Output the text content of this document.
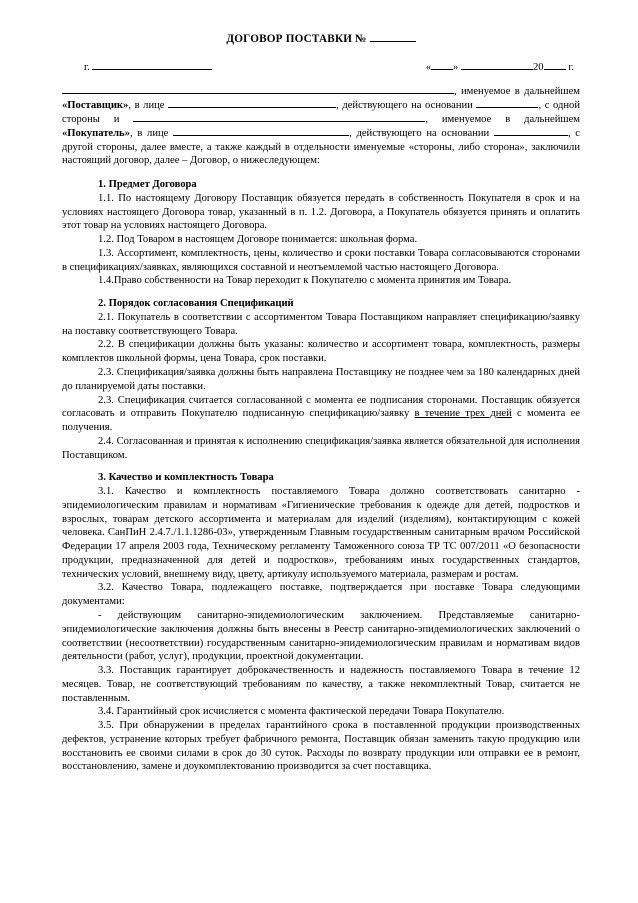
ДОГОВОР ПОСТАВКИ №
г.	« »	20 г.

, именуемое в дальнейшем «Поставщик», в лице	, действующего на основании	, с одной стороны и	, именуемое в дальнейшем «Покупатель», в лице	, действующего на основании	, с другой стороны, далее вместе, а также каждый в отдельности именуемые «стороны, либо сторона», заключили настоящий договор, далее – Договор, о нижеследующем:

1. Предмет Договора

1.1. По настоящему Договору Поставщик обязуется передать в собственность Покупателя в срок и на условиях настоящего Договора товар, указанный в п. 1.2. Договора, а Покупатель обязуется принять и оплатить этот товар на условиях настоящего Договора.

1.2. Под Товаром в настоящем Договоре понимается: школьная форма.

1.3. Ассортимент, комплектность, цены, количество и сроки поставки Товара согласовываются сторонами в спецификациях/заявках, являющихся составной и неотъемлемой частью настоящего Договора.

1.4.Право собственности на Товар переходит к Покупателю с момента принятия им Товара.

2. Порядок согласования Спецификаций

2.1. Покупатель в соответствии с ассортиментом Товара Поставщиком направляет спецификацию/заявку на поставку соответствующего Товара.

2.2. В спецификации должны быть указаны: количество и ассортимент товара, комплектность, размеры комплектов школьной формы, цена Товара, срок поставки.

2.3. Спецификация/заявка должны быть направлена Поставщику не позднее чем за 180 календарных дней до планируемой даты поставки.

2.3. Спецификация считается согласованной с момента ее подписания сторонами. Поставщик обязуется согласовать и отправить Покупателю подписанную спецификацию/заявку в течение трех дней с момента ее получения.

2.4. Согласованная и принятая к исполнению спецификация/заявка является обязательной для исполнения Поставщиком.

3. Качество и комплектность Товара

3.1. Качество и комплектность поставляемого Товара должно соответствовать санитарно - эпидемиологическим правилам и нормативам «Гигиенические требования к одежде для детей, подростков и взрослых, товарам детского ассортимента и материалам для изделий (изделиям), контактирующим с кожей человека. СанПиН 2.4.7./1.1.1286-03», утвержденным Главным государственным санитарным врачом Российской Федерации 17 апреля 2003 года, Техническому регламенту Таможенного союза ТР ТС 007/2011 «О безопасности продукции, предназначенной для детей и подростков», требованиям иных государственных стандартов, технических условий, внешнему виду, цвету, артикулу используемого материала, размерам и ростам.

3.2. Качество Товара, подлежащего поставке, подтверждается при поставке Товара следующими документами:

- действующим санитарно-эпидемиологическим заключением. Представляемые санитарно-эпидемиологические заключения должны быть внесены в Реестр санитарно-эпидемиологических заключений о соответствии (несоответствии) государственным санитарно-эпидемиологическим правилам и нормативам видов деятельности (работ, услуг), продукции, проектной документации.

3.3. Поставщик гарантирует доброкачественность и надежность поставляемого Товара в течение 12 месяцев. Товар, не соответствующий требованиям по качеству, а также некомплектный Товар, считается не поставленным.

3.4. Гарантийный срок исчисляется с момента фактической передачи Товара Покупателю.

3.5. При обнаружении в пределах гарантийного срока в поставленной продукции производственных дефектов, устранение которых требует фабричного ремонта, Поставщик обязан заменить такую продукцию или восстановить ее своими силами в срок до 30 суток. Расходы по возврату продукции или отправки ее в ремонт, восстановлению, замене и доукомплектованию производится за счет поставщика.
